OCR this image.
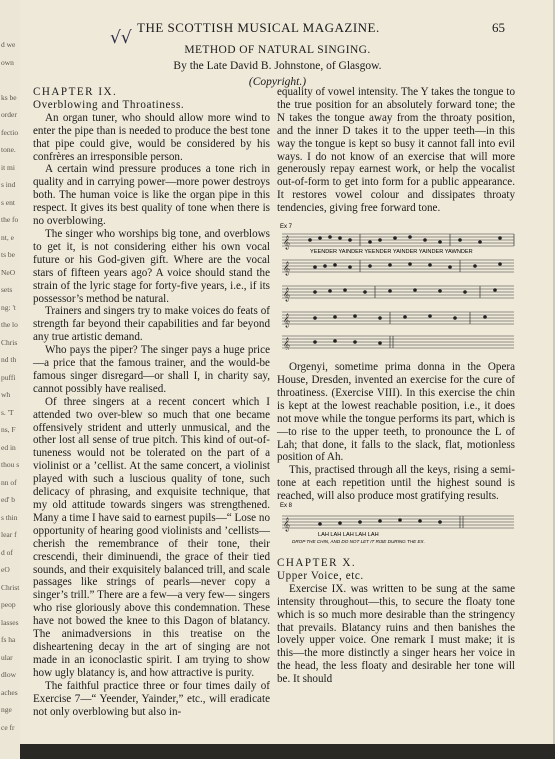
d we
own
ks be
order
fectio
tone.
it mi
s ind
s ent
the fo
nt, e
ts be
NeO
sets
ng: 't
the lo
Chris
nd th
puffi
wh
s. 'T
ns, F
ed in
thou s
nn of
ed' b
s thin
lear f
d of
eO
Christ
peop
lasses
fs ha
ular
dlow
aches
nge
ce fr
THE SCOTTISH MUSICAL MAGAZINE.	65
√√
METHOD OF NATURAL SINGING.
By the Late David B. Johnstone, of Glasgow.
(Copyright.)

CHAPTER IX.

Overblowing and Throatiness.

An organ tuner, who should allow more wind to enter the pipe than is needed to produce the best tone that pipe could give, would be considered by his confrères an irresponsible person.

A certain wind pressure produces a tone rich in quality and in carrying power—more power destroys both. The human voice is like the organ pipe in this respect. It gives its best quality of tone when there is no overblowing.

The singer who worships big tone, and overblows to get it, is not considering either his own vocal future or his God-given gift. Where are the vocal stars of fifteen years ago? A voice should stand the strain of the lyric stage for forty-five years, i.e., if its possessor’s method be natural.

Trainers and singers try to make voices do feats of strength far beyond their capabilities and far beyond any true artistic demand.

Who pays the piper? The singer pays a huge price—a price that the famous trainer, and the would-be famous singer disregard—or shall I, in charity say, cannot possibly have realised.

Of three singers at a recent concert which I attended two over-blew so much that one became offensively strident and utterly unmusical, and the other lost all sense of true pitch. This kind of out-of-tuneness would not be tolerated on the part of a violinist or a ’cellist. At the same concert, a violinist played with such a luscious quality of tone, such delicacy of phrasing, and exquisite technique, that my old attitude towards singers was strengthened. Many a time I have said to earnest pupils—“ Lose no opportunity of hearing good violinists and ’cellists—cherish the remembrance of their tone, their crescendi, their diminuendi, the grace of their tied sounds, and their exquisitely balanced trill, and scale passages like strings of pearls—never copy a singer’s trill.” There are a few—a very few— singers who rise gloriously above this condemnation. These have not bowed the knee to this Dagon of blatancy. The animadversions in this treatise on the disheartening decay in the art of singing are not made in an iconoclastic spirit. I am trying to show how ugly blatancy is, and how attractive is purity.

The faithful practice three or four times daily of Exercise 7—“ Yeender, Yainder,” etc., will eradicate not only overblowing but also in-

equality of vowel intensity. The Y takes the tongue to the true position for an absolutely forward tone; the N takes the tongue away from the throaty position, and the inner D takes it to the upper teeth—in this way the tongue is kept so busy it cannot fall into evil ways. I do not know of an exercise that will more generously repay earnest work, or help the vocalist out-of-form to get into form for a public appearance. It restores vowel colour and dissipates throaty tendencies, giving free forward tone.

Orgenyi, sometime prima donna in the Opera House, Dresden, invented an exercise for the cure of throatiness. (Exercise VIII). In this exercise the chin is kept at the lowest reachable position, i.e., it does not move while the tongue performs its part, which is—to rise to the upper teeth, to pronounce the L of Lah; that done, it falls to the slack, flat, motionless position of Ah.

This, practised through all the keys, rising a semi-tone at each repetition until the highest sound is reached, will also produce most gratifying results.

CHAPTER X.

Upper Voice, etc.

Exercise IX. was written to be sung at the same intensity throughout—this, to secure the floaty tone which is so much more desirable than the stringency that prevails. Blatancy ruins and then banishes the lovely upper voice. One remark I must make; it is this—the more distinctly a singer hears her voice in the head, the less floaty and desirable her tone will be. It should

Ex 7
𝄞
𝄞
𝄞
𝄞
𝄞
YEENDER YAINDER YEENDER YAINDER YAINDER YAWNDER
Ex 8
𝄞
LAH LAH LAH LAH LAH
DROP THE CHIN, AND DO NOT LET IT RISE DURING THE EX.
